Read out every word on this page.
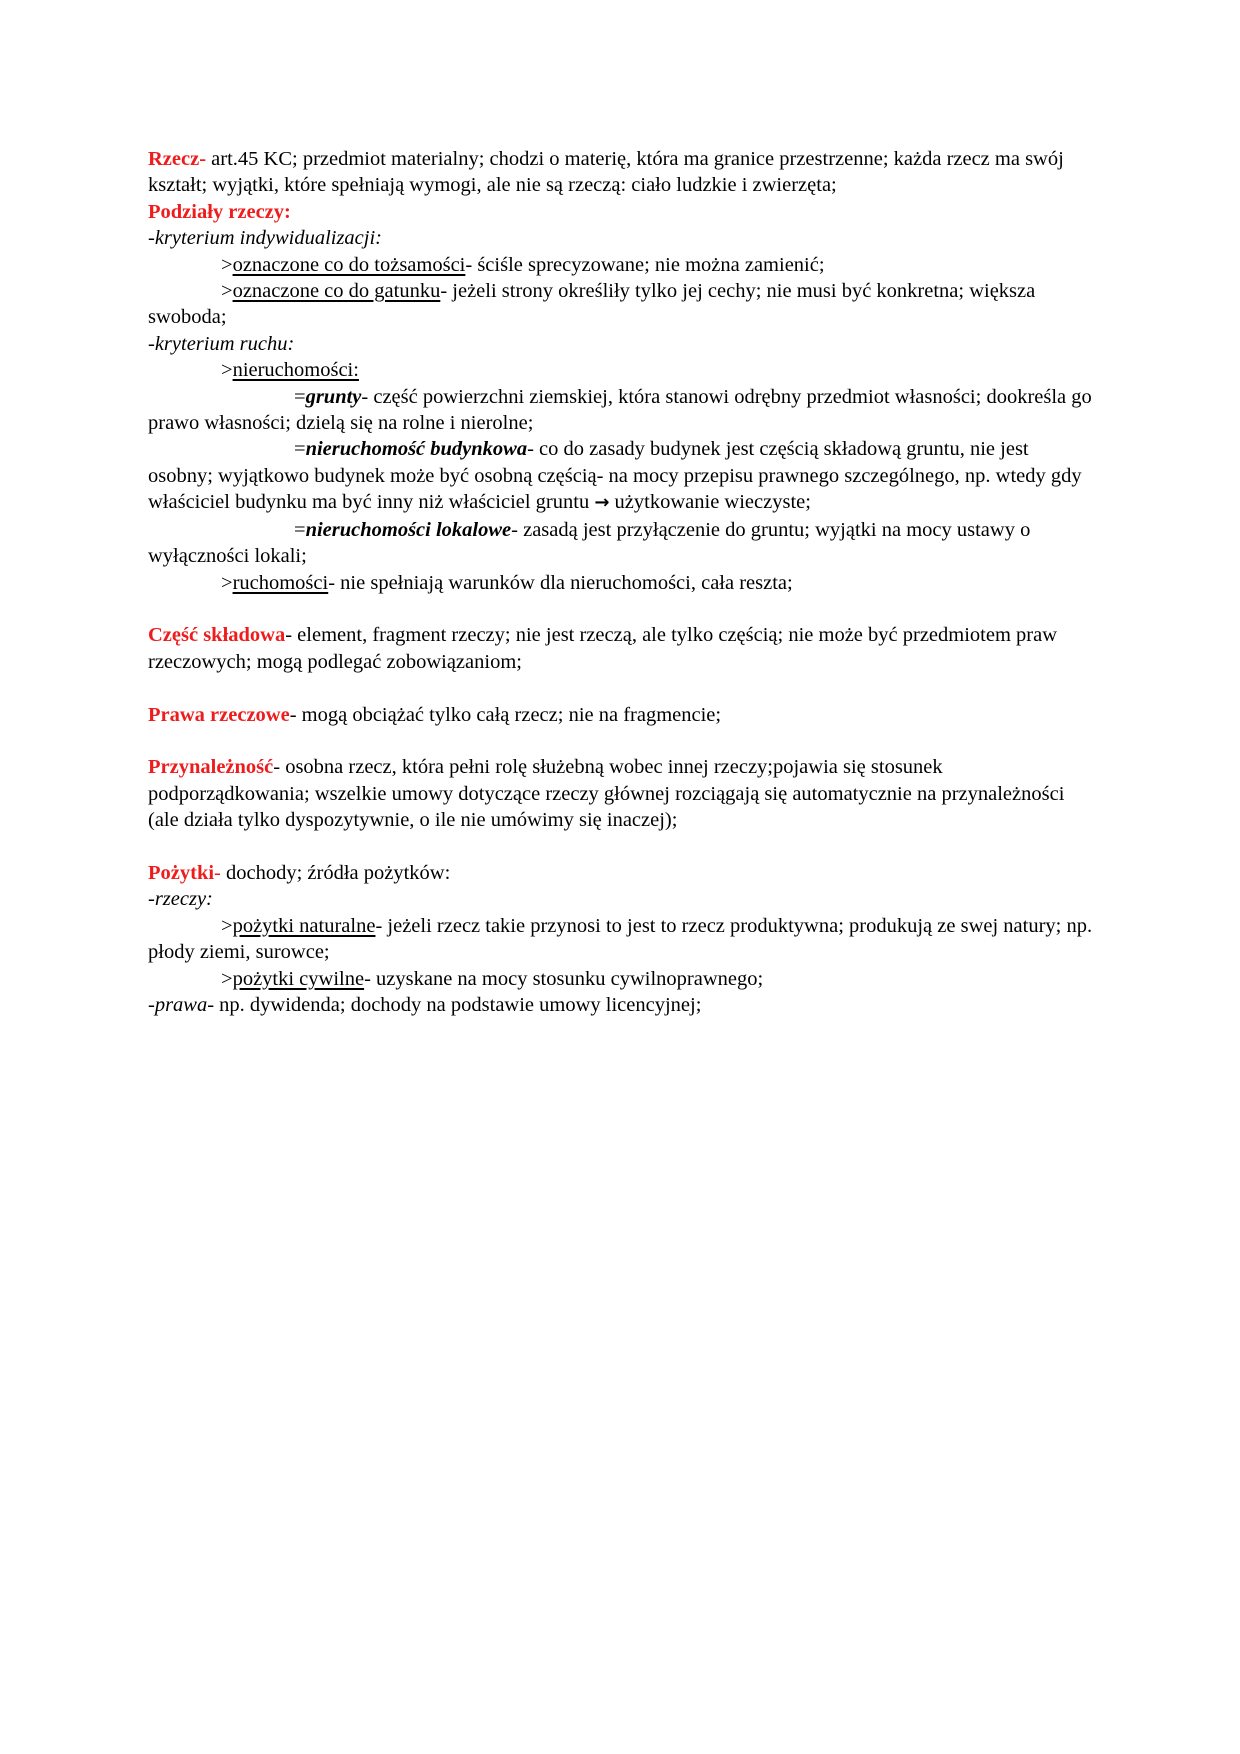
Rzecz- art.45 KC; przedmiot materialny; chodzi o materię, która ma granice przestrzenne; każda rzecz ma swój kształt; wyjątki, które spełniają wymogi, ale nie są rzeczą: ciało ludzkie i zwierzęta;

Podziały rzeczy:

-kryterium indywidualizacji:

>oznaczone co do tożsamości- ściśle sprecyzowane; nie można zamienić;

>oznaczone co do gatunku- jeżeli strony określiły tylko jej cechy; nie musi być konkretna; większa swoboda;

-kryterium ruchu:

>nieruchomości:

=grunty- część powierzchni ziemskiej, która stanowi odrębny przedmiot własności; dookreśla go prawo własności; dzielą się na rolne i nierolne;

=nieruchomość budynkowa- co do zasady budynek jest częścią składową gruntu, nie jest osobny; wyjątkowo budynek może być osobną częścią- na mocy przepisu prawnego szczególnego, np. wtedy gdy właściciel budynku ma być inny niż właściciel gruntu → użytkowanie wieczyste;

=nieruchomości lokalowe- zasadą jest przyłączenie do gruntu; wyjątki na mocy ustawy o wyłączności lokali;

>ruchomości- nie spełniają warunków dla nieruchomości, cała reszta;

Część składowa- element, fragment rzeczy; nie jest rzeczą, ale tylko częścią; nie może być przedmiotem praw rzeczowych; mogą podlegać zobowiązaniom;

Prawa rzeczowe- mogą obciążać tylko całą rzecz; nie na fragmencie;

Przynależność- osobna rzecz, która pełni rolę służebną wobec innej rzeczy;pojawia się stosunek podporządkowania; wszelkie umowy dotyczące rzeczy głównej rozciągają się automatycznie na przynależności (ale działa tylko dyspozytywnie, o ile nie umówimy się inaczej);

Pożytki- dochody; źródła pożytków:

-rzeczy:

>pożytki naturalne- jeżeli rzecz takie przynosi to jest to rzecz produktywna; produkują ze swej natury; np. płody ziemi, surowce;

>pożytki cywilne- uzyskane na mocy stosunku cywilnoprawnego;

-prawa- np. dywidenda; dochody na podstawie umowy licencyjnej;
